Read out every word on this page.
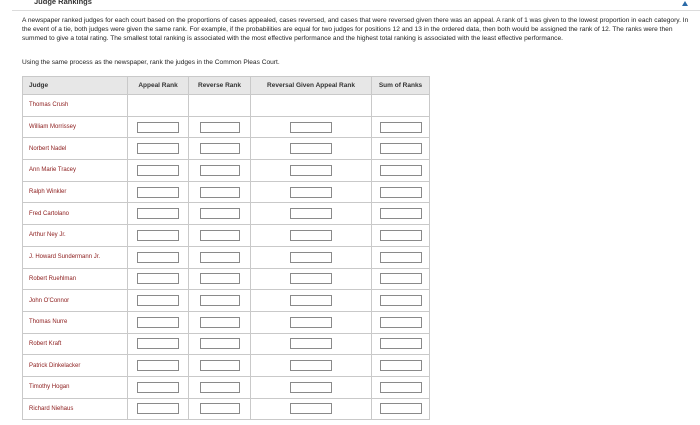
Judge Rankings
A newspaper ranked judges for each court based on the proportions of cases appealed, cases reversed, and cases that were reversed given there was an appeal. A rank of 1 was given to the lowest proportion in each category. In the event of a tie, both judges were given the same rank. For example, if the probabilities are equal for two judges for positions 12 and 13 in the ordered data, then both would be assigned the rank of 12. The ranks were then summed to give a total rating. The smallest total ranking is associated with the most effective performance and the highest total ranking is associated with the least effective performance.
Using the same process as the newspaper, rank the judges in the Common Pleas Court.
Judge	Appeal Rank	Reverse Rank	Reversal Given Appeal Rank	Sum of Ranks
Thomas Crush				
William Morrissey				
Norbert Nadel				
Ann Marie Tracey				
Ralph Winkler				
Fred Cartolano				
Arthur Ney Jr.				
J. Howard Sundermann Jr.				
Robert Ruehlman				
John O'Connor				
Thomas Nurre				
Robert Kraft				
Patrick Dinkelacker				
Timothy Hogan				
Richard Niehaus				
